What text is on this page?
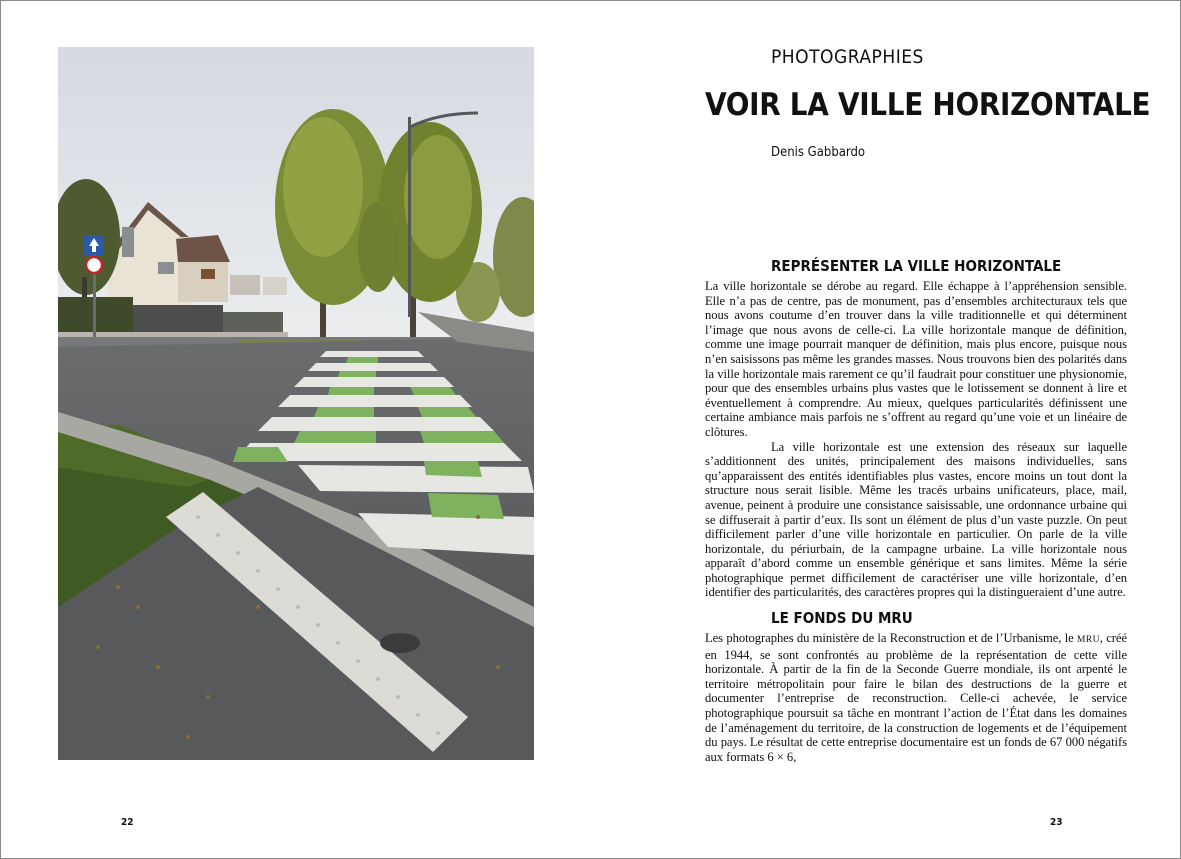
22
PHOTOGRAPHIES
VOIR LA VILLE HORIZONTALE
Denis Gabbardo
REPRÉSENTER LA VILLE HORIZONTALE

La ville horizontale se dérobe au regard. Elle échappe à l’appréhension sensible. Elle n’a pas de centre, pas de monument, pas d’ensembles architecturaux tels que nous avons coutume d’en trouver dans la ville traditionnelle et qui déterminent l’image que nous avons de celle-ci. La ville horizontale manque de définition, comme une image pourrait manquer de définition, mais plus encore, puisque nous n’en saisissons pas même les grandes masses. Nous trouvons bien des polarités dans la ville horizontale mais rarement ce qu’il faudrait pour constituer une physionomie, pour que des ensembles urbains plus vastes que le lotissement se donnent à lire et éventuellement à comprendre. Au mieux, quelques particularités définissent une certaine ambiance mais parfois ne s’offrent au regard qu’une voie et un linéaire de clôtures.

La ville horizontale est une extension des réseaux sur laquelle s’additionnent des unités, principalement des maisons individuelles, sans qu’apparaissent des entités identifiables plus vastes, encore moins un tout dont la structure nous serait lisible. Même les tracés urbains unificateurs, place, mail, avenue, peinent à produire une consistance saisissable, une ordonnance urbaine qui se diffuserait à partir d’eux. Ils sont un élément de plus d’un vaste puzzle. On peut difficilement parler d’une ville horizontale en particulier. On parle de la ville horizontale, du périurbain, de la campagne urbaine. La ville horizontale nous apparaît d’abord comme un ensemble générique et sans limites. Même la série photographique permet difficilement de caractériser une ville horizontale, d’en identifier des particularités, des caractères propres qui la distingueraient d’une autre.

LE FONDS DU MRU

Les photographes du ministère de la Reconstruction et de l’Urbanisme, le MRU, créé en 1944, se sont confrontés au problème de la représentation de cette ville horizontale. À partir de la fin de la Seconde Guerre mondiale, ils ont arpenté le territoire métropolitain pour faire le bilan des destructions de la guerre et documenter l’entreprise de reconstruction. Celle-ci achevée, le service photographique poursuit sa tâche en montrant l’action de l’État dans les domaines de l’aménagement du territoire, de la construction de logements et de l’équipement du pays. Le résultat de cette entreprise documentaire est un fonds de 67 000 négatifs aux formats 6 × 6,

23
